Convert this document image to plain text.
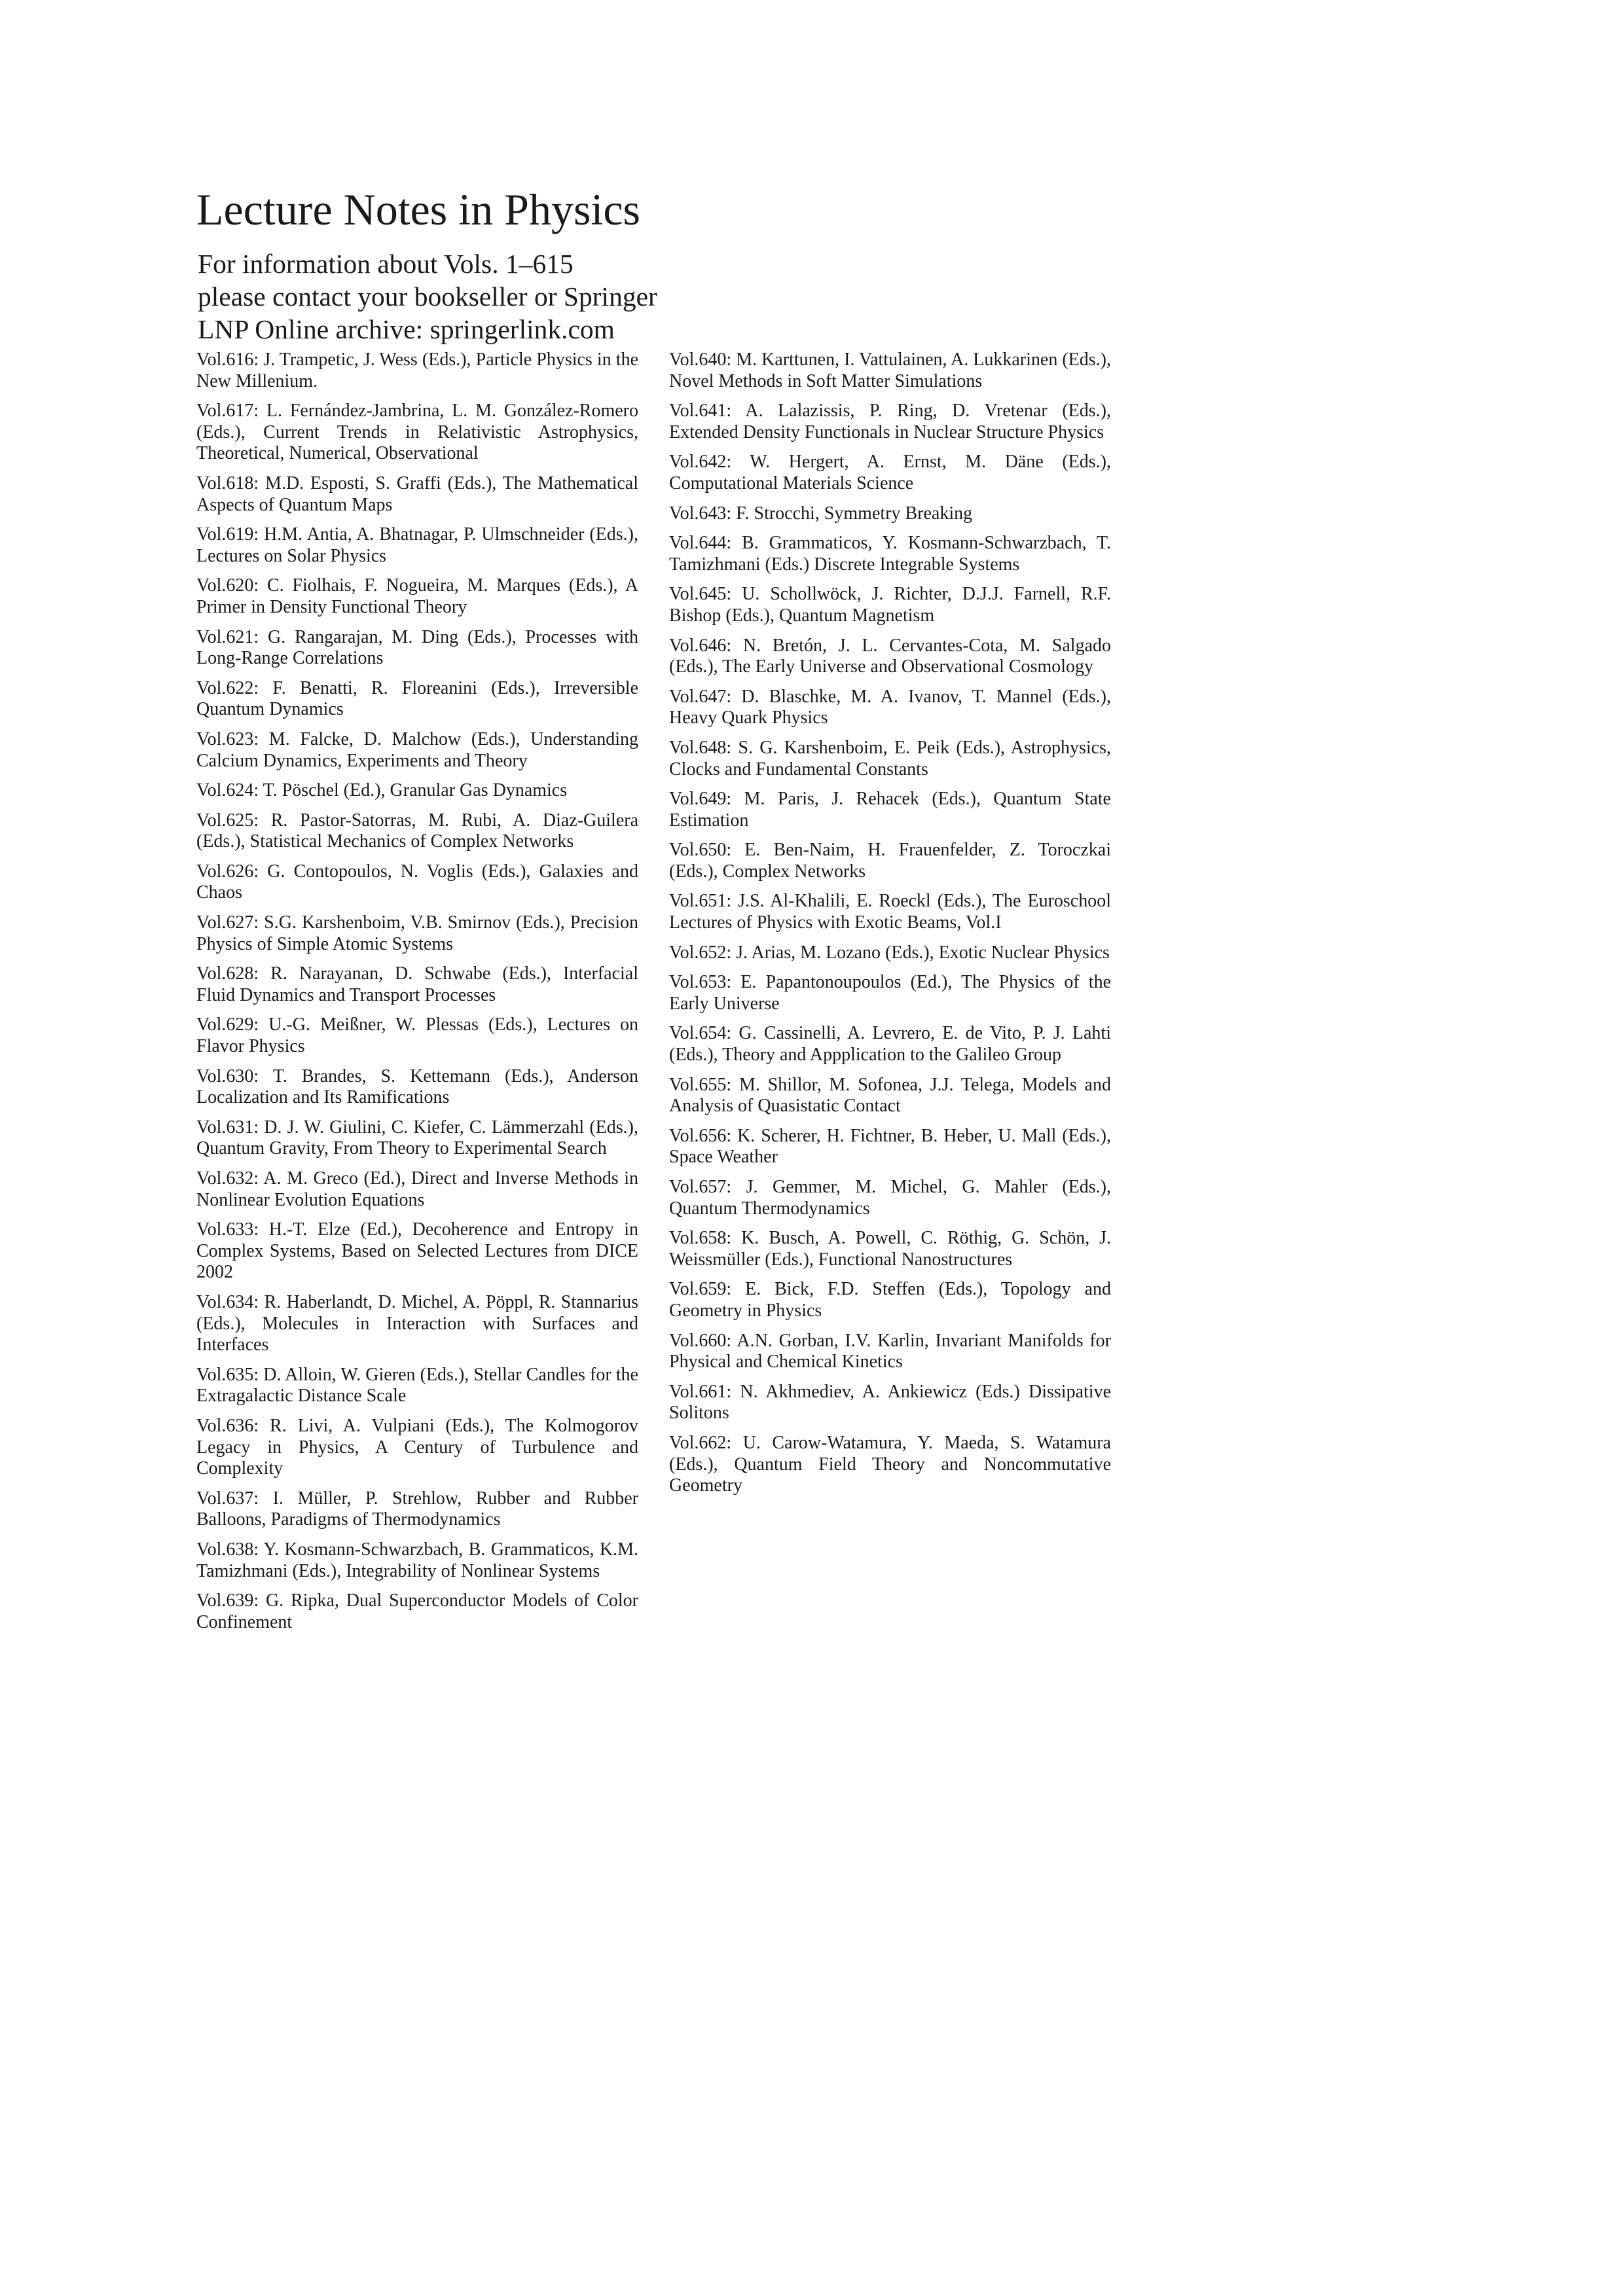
Lecture Notes in Physics
For information about Vols. 1–615
please contact your bookseller or Springer
LNP Online archive: springerlink.com

Vol.616: J. Trampetic, J. Wess (Eds.), Particle Physics in the New Millenium.

Vol.617: L. Fernández-Jambrina, L. M. González-Romero (Eds.), Current Trends in Relativistic Astrophysics, Theoretical, Numerical, Observational

Vol.618: M.D. Esposti, S. Graffi (Eds.), The Mathematical Aspects of Quantum Maps

Vol.619: H.M. Antia, A. Bhatnagar, P. Ulmschneider (Eds.), Lectures on Solar Physics

Vol.620: C. Fiolhais, F. Nogueira, M. Marques (Eds.), A Primer in Density Functional Theory

Vol.621: G. Rangarajan, M. Ding (Eds.), Processes with Long-Range Correlations

Vol.622: F. Benatti, R. Floreanini (Eds.), Irreversible Quantum Dynamics

Vol.623: M. Falcke, D. Malchow (Eds.), Understanding Calcium Dynamics, Experiments and Theory

Vol.624: T. Pöschel (Ed.), Granular Gas Dynamics

Vol.625: R. Pastor-Satorras, M. Rubi, A. Diaz-Guilera (Eds.), Statistical Mechanics of Complex Networks

Vol.626: G. Contopoulos, N. Voglis (Eds.), Galaxies and Chaos

Vol.627: S.G. Karshenboim, V.B. Smirnov (Eds.), Precision Physics of Simple Atomic Systems

Vol.628: R. Narayanan, D. Schwabe (Eds.), Interfacial Fluid Dynamics and Transport Processes

Vol.629: U.-G. Meißner, W. Plessas (Eds.), Lectures on Flavor Physics

Vol.630: T. Brandes, S. Kettemann (Eds.), Anderson Localization and Its Ramifications

Vol.631: D. J. W. Giulini, C. Kiefer, C. Lämmerzahl (Eds.), Quantum Gravity, From Theory to Experimental Search

Vol.632: A. M. Greco (Ed.), Direct and Inverse Methods in Nonlinear Evolution Equations

Vol.633: H.-T. Elze (Ed.), Decoherence and Entropy in Complex Systems, Based on Selected Lectures from DICE 2002

Vol.634: R. Haberlandt, D. Michel, A. Pöppl, R. Stannarius (Eds.), Molecules in Interaction with Surfaces and Interfaces

Vol.635: D. Alloin, W. Gieren (Eds.), Stellar Candles for the Extragalactic Distance Scale

Vol.636: R. Livi, A. Vulpiani (Eds.), The Kolmogorov Legacy in Physics, A Century of Turbulence and Complexity

Vol.637: I. Müller, P. Strehlow, Rubber and Rubber Balloons, Paradigms of Thermodynamics

Vol.638: Y. Kosmann-Schwarzbach, B. Grammaticos, K.M. Tamizhmani (Eds.), Integrability of Nonlinear Systems

Vol.639: G. Ripka, Dual Superconductor Models of Color Confinement

Vol.640: M. Karttunen, I. Vattulainen, A. Lukkarinen (Eds.), Novel Methods in Soft Matter Simulations

Vol.641: A. Lalazissis, P. Ring, D. Vretenar (Eds.), Extended Density Functionals in Nuclear Structure Physics

Vol.642: W. Hergert, A. Ernst, M. Däne (Eds.), Computational Materials Science

Vol.643: F. Strocchi, Symmetry Breaking

Vol.644: B. Grammaticos, Y. Kosmann-Schwarzbach, T. Tamizhmani (Eds.) Discrete Integrable Systems

Vol.645: U. Schollwöck, J. Richter, D.J.J. Farnell, R.F. Bishop (Eds.), Quantum Magnetism

Vol.646: N. Bretón, J. L. Cervantes-Cota, M. Salgado (Eds.), The Early Universe and Observational Cosmology

Vol.647: D. Blaschke, M. A. Ivanov, T. Mannel (Eds.), Heavy Quark Physics

Vol.648: S. G. Karshenboim, E. Peik (Eds.), Astrophysics, Clocks and Fundamental Constants

Vol.649: M. Paris, J. Rehacek (Eds.), Quantum State Estimation

Vol.650: E. Ben-Naim, H. Frauenfelder, Z. Toroczkai (Eds.), Complex Networks

Vol.651: J.S. Al-Khalili, E. Roeckl (Eds.), The Euroschool Lectures of Physics with Exotic Beams, Vol.I

Vol.652: J. Arias, M. Lozano (Eds.), Exotic Nuclear Physics

Vol.653: E. Papantonoupoulos (Ed.), The Physics of the Early Universe

Vol.654: G. Cassinelli, A. Levrero, E. de Vito, P. J. Lahti (Eds.), Theory and Appplication to the Galileo Group

Vol.655: M. Shillor, M. Sofonea, J.J. Telega, Models and Analysis of Quasistatic Contact

Vol.656: K. Scherer, H. Fichtner, B. Heber, U. Mall (Eds.), Space Weather

Vol.657: J. Gemmer, M. Michel, G. Mahler (Eds.), Quantum Thermodynamics

Vol.658: K. Busch, A. Powell, C. Röthig, G. Schön, J. Weissmüller (Eds.), Functional Nanostructures

Vol.659: E. Bick, F.D. Steffen (Eds.), Topology and Geometry in Physics

Vol.660: A.N. Gorban, I.V. Karlin, Invariant Manifolds for Physical and Chemical Kinetics

Vol.661: N. Akhmediev, A. Ankiewicz (Eds.) Dissipative Solitons

Vol.662: U. Carow-Watamura, Y. Maeda, S. Watamura (Eds.), Quantum Field Theory and Noncommutative Geometry
